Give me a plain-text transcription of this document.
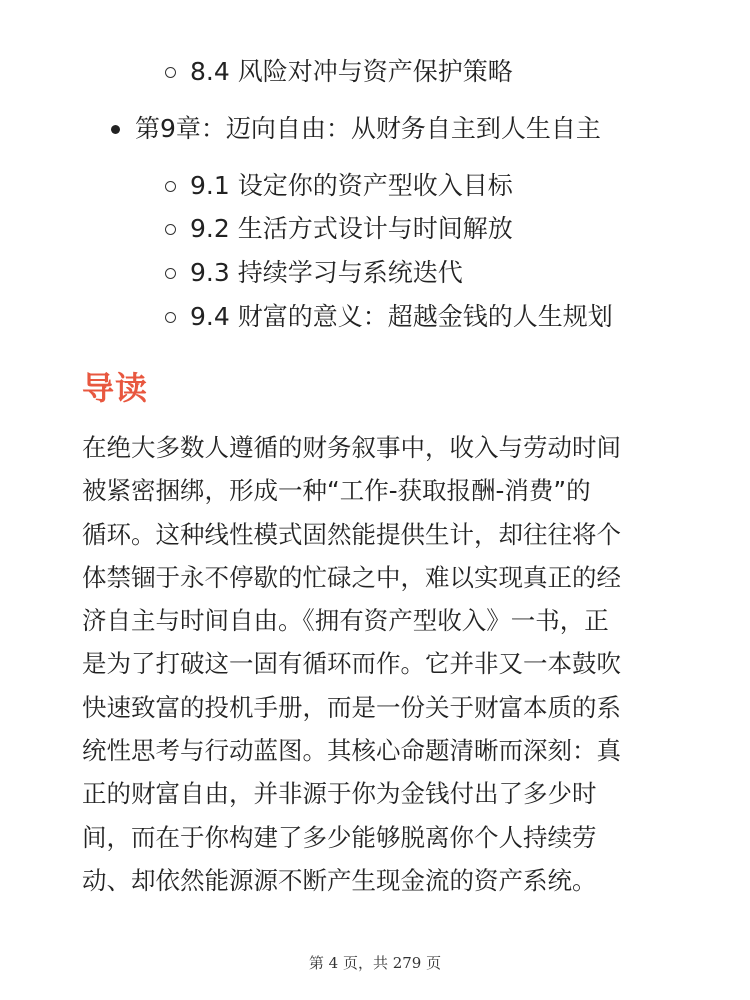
8.4 风险对冲与资产保护策略
第9章：迈向自由：从财务自主到人生自主
9.1 设定你的资产型收入目标
9.2 生活方式设计与时间解放
9.3 持续学习与系统迭代
9.4 财富的意义：超越金钱的人生规划
导读
在绝大多数人遵循的财务叙事中，收入与劳动时间
被紧密捆绑，形成一种“工作-获取报酬-消费”的
循环。这种线性模式固然能提供生计，却往往将个
体禁锢于永不停歇的忙碌之中，难以实现真正的经
济自主与时间自由。《拥有资产型收入》一书，正
是为了打破这一固有循环而作。它并非又一本鼓吹
快速致富的投机手册，而是一份关于财富本质的系
统性思考与行动蓝图。其核心命题清晰而深刻：真
正的财富自由，并非源于你为金钱付出了多少时
间，而在于你构建了多少能够脱离你个人持续劳
动、却依然能源源不断产生现金流的资产系统。
第 4 页，共 279 页
